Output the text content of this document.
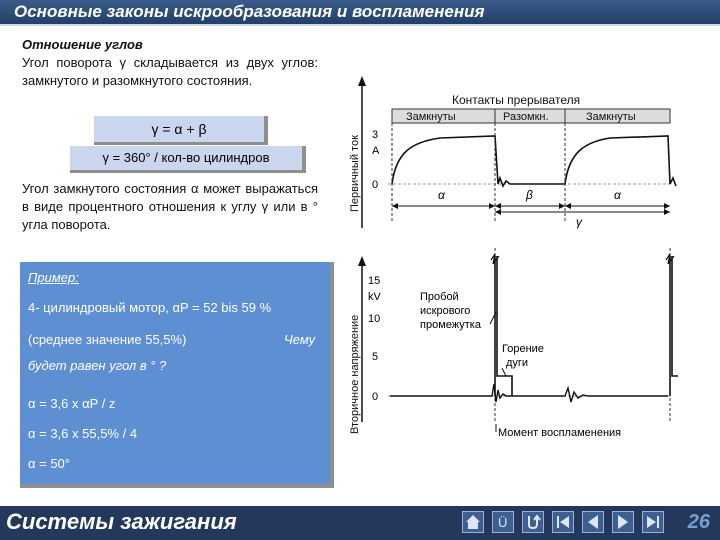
Основные законы искрообразования и воспламенения
Отношение углов
Угол поворота γ складывается из двух углов: замкнутого и разомкнутого состояния.
γ = α + β
γ = 360° / кол-во цилиндров
Угол замкнутого состояния α может выражаться в виде процентного отношения к углу γ или в ° угла поворота.
Пример:
4- цилиндровый мотор, αP = 52 bis 59 %
(среднее значение 55,5%)	Чему
будет равен угол в ° ?
α = 3,6 x αP / z
α = 3,6 x 55,5% / 4
α = 50°
Контакты прерывателя
Замкнуты	Разомкн.	Замкнуты
Первичный ток
3
A
0
α	β	α
γ
Вторичное напряжение
15
kV
10
5
0
Пробой
искрового
промежутка
Горение
дуги
Момент воспламенения
Системы зажигания	26
Ü
